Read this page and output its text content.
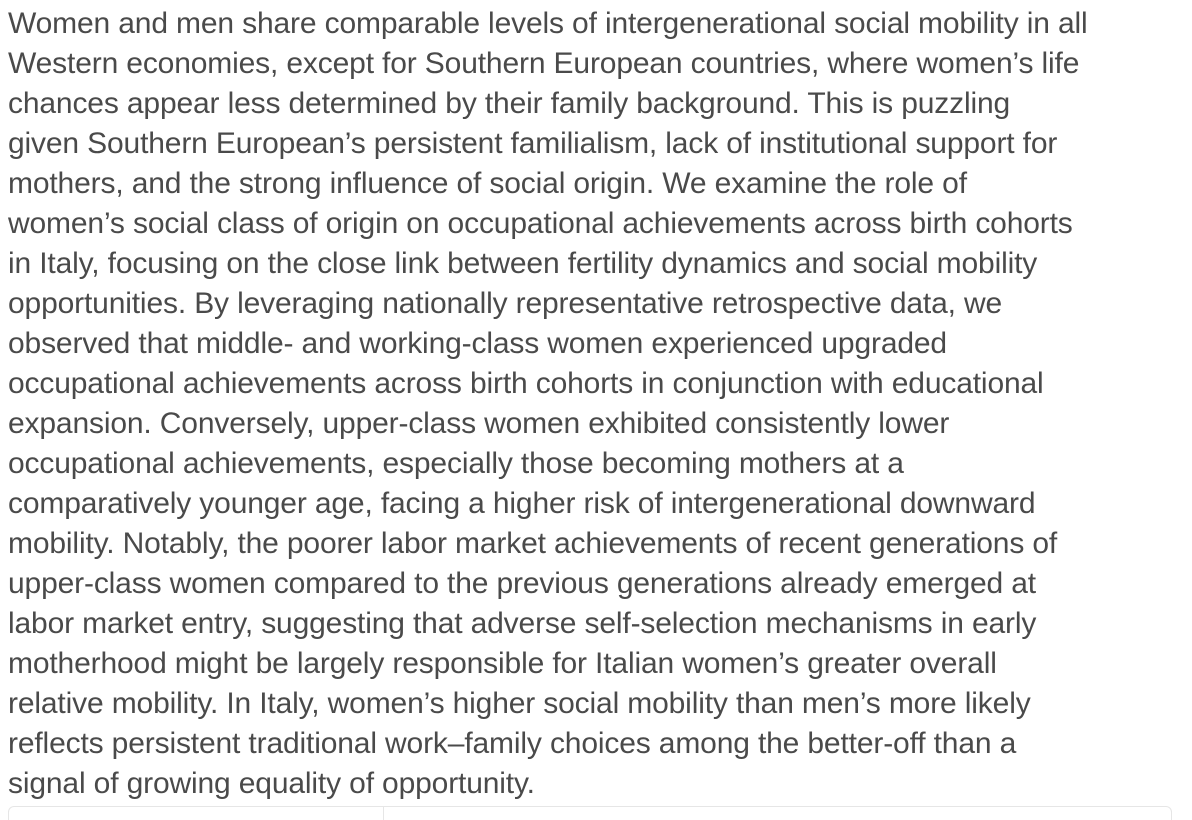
Women and men share comparable levels of intergenerational social mobility in all
Western economies, except for Southern European countries, where women’s life
chances appear less determined by their family background. This is puzzling
given Southern European’s persistent familialism, lack of institutional support for
mothers, and the strong influence of social origin. We examine the role of
women’s social class of origin on occupational achievements across birth cohorts
in Italy, focusing on the close link between fertility dynamics and social mobility
opportunities. By leveraging nationally representative retrospective data, we
observed that middle- and working-class women experienced upgraded
occupational achievements across birth cohorts in conjunction with educational
expansion. Conversely, upper-class women exhibited consistently lower
occupational achievements, especially those becoming mothers at a
comparatively younger age, facing a higher risk of intergenerational downward
mobility. Notably, the poorer labor market achievements of recent generations of
upper-class women compared to the previous generations already emerged at
labor market entry, suggesting that adverse self-selection mechanisms in early
motherhood might be largely responsible for Italian women’s greater overall
relative mobility. In Italy, women’s higher social mobility than men’s more likely
reflects persistent traditional work–family choices among the better-off than a
signal of growing equality of opportunity.
